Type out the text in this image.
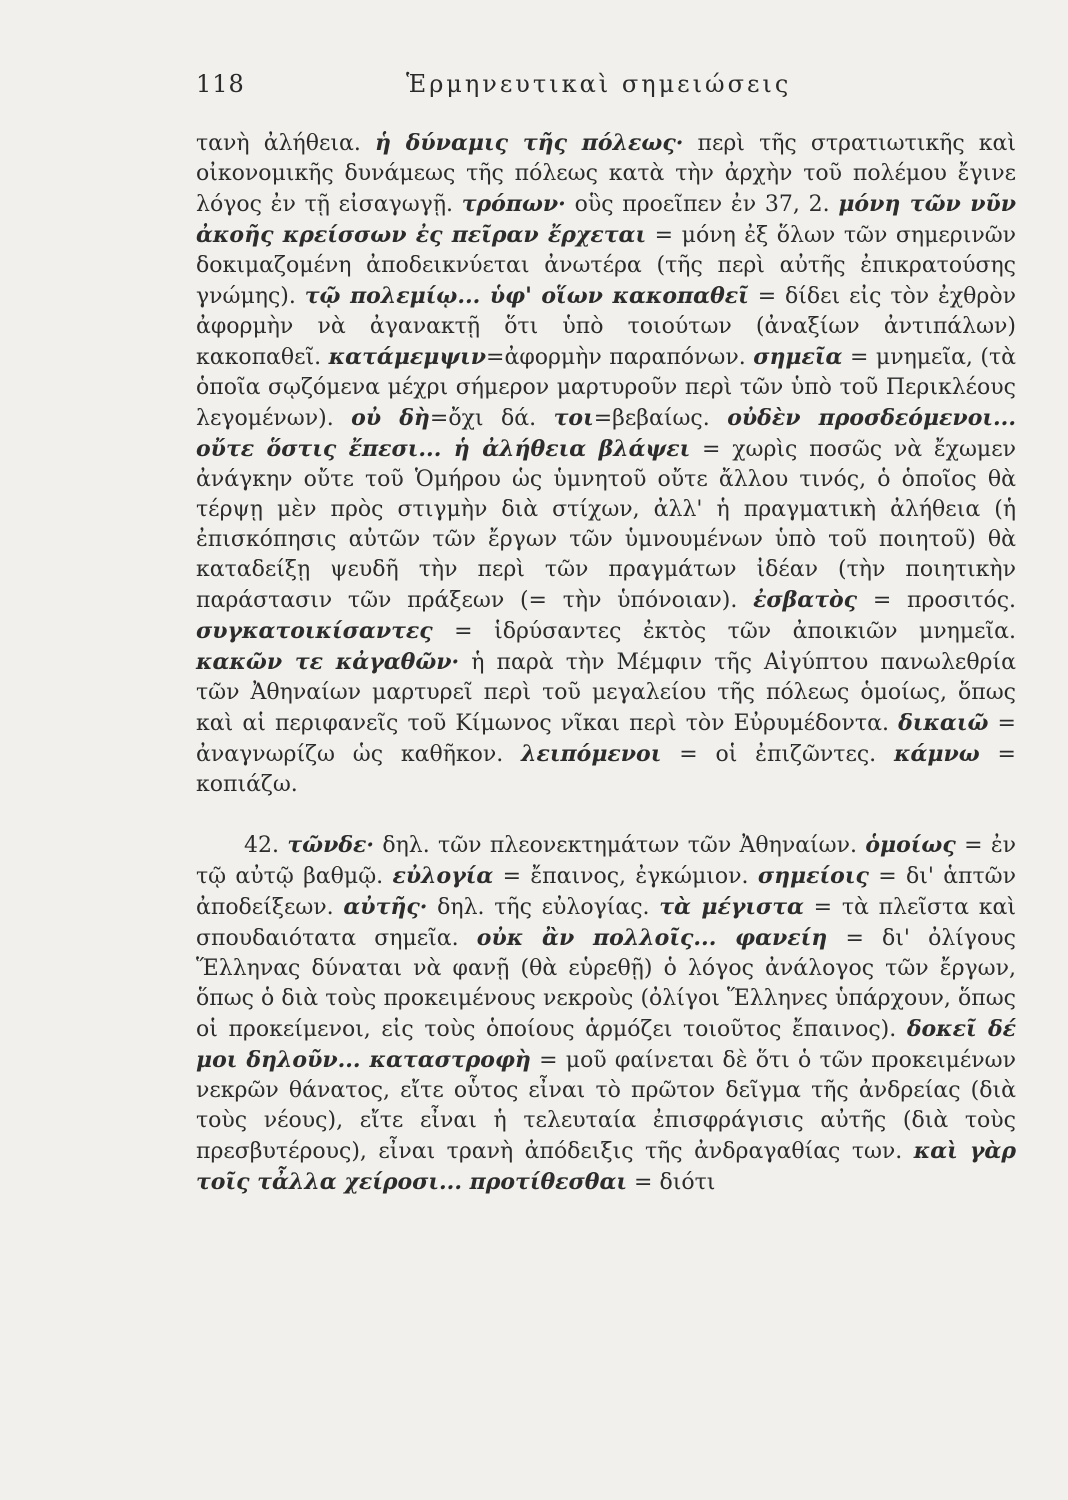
118	Ἑρμηνευτικαὶ σημειώσεις

τανὴ ἀλήθεια. ἡ δύναμις τῆς πόλεως· περὶ τῆς στρατιωτικῆς καὶ οἰκονομικῆς δυνάμεως τῆς πόλεως κατὰ τὴν ἀρχὴν τοῦ πολέμου ἔγινε λόγος ἐν τῇ εἰσαγωγῇ. τρόπων· οὓς προεῖπεν ἐν 37, 2. μόνη τῶν νῦν ἀκοῆς κρείσσων ἐς πεῖραν ἔρχεται = μόνη ἐξ ὅλων τῶν σημερινῶν δοκιμαζομένη ἀποδεικνύεται ἀνωτέρα (τῆς περὶ αὐτῆς ἐπικρατούσης γνώμης). τῷ πολεμίῳ... ὑφ' οἵων κακοπαθεῖ = δίδει εἰς τὸν ἐχθρὸν ἀφορμὴν νὰ ἀγανακτῇ ὅτι ὑπὸ τοιούτων (ἀναξίων ἀντιπάλων) κακοπαθεῖ. κατάμεμψιν=ἀφορμὴν παραπόνων. σημεῖα = μνημεῖα, (τὰ ὁποῖα σῳζόμενα μέχρι σήμερον μαρτυροῦν περὶ τῶν ὑπὸ τοῦ Περικλέους λεγομένων). οὐ δὴ=ὄχι δά. τοι=βεβαίως. οὐδὲν προσδεόμενοι... οὔτε ὅστις ἔπεσι... ἡ ἀλήθεια βλάψει = χωρὶς ποσῶς νὰ ἔχωμεν ἀνάγκην οὔτε τοῦ Ὁμήρου ὡς ὑμνητοῦ οὔτε ἄλλου τινός, ὁ ὁποῖος θὰ τέρψῃ μὲν πρὸς στιγμὴν διὰ στίχων, ἀλλ' ἡ πραγματικὴ ἀλήθεια (ἡ ἐπισκόπησις αὐτῶν τῶν ἔργων τῶν ὑμνουμένων ὑπὸ τοῦ ποιητοῦ) θὰ καταδείξῃ ψευδῆ τὴν περὶ τῶν πραγμάτων ἰδέαν (τὴν ποιητικὴν παράστασιν τῶν πράξεων (= τὴν ὑπόνοιαν). ἐσβατὸς = προσιτός. συγκατοικίσαντες = ἱδρύσαντες ἐκτὸς τῶν ἀποικιῶν μνημεῖα. κακῶν τε κἀγαθῶν· ἡ παρὰ τὴν Μέμφιν τῆς Αἰγύπτου πανωλεθρία τῶν Ἀθηναίων μαρτυρεῖ περὶ τοῦ μεγαλείου τῆς πόλεως ὁμοίως, ὅπως καὶ αἱ περιφανεῖς τοῦ Κίμωνος νῖκαι περὶ τὸν Εὐρυμέδοντα. δικαιῶ = ἀναγνωρίζω ὡς καθῆκον. λειπόμενοι = οἱ ἐπιζῶντες. κάμνω = κοπιάζω.

42. τῶνδε· δηλ. τῶν πλεονεκτημάτων τῶν Ἀθηναίων. ὁμοίως = ἐν τῷ αὐτῷ βαθμῷ. εὐλογία = ἔπαινος, ἐγκώμιον. σημείοις = δι' ἁπτῶν ἀποδείξεων. αὐτῆς· δηλ. τῆς εὐλογίας. τὰ μέγιστα = τὰ πλεῖστα καὶ σπουδαιότατα σημεῖα. οὐκ ἂν πολλοῖς... φανείη = δι' ὀλίγους Ἕλληνας δύναται νὰ φανῇ (θὰ εὑρεθῇ) ὁ λόγος ἀνάλογος τῶν ἔργων, ὅπως ὁ διὰ τοὺς προκειμένους νεκροὺς (ὀλίγοι Ἕλληνες ὑπάρχουν, ὅπως οἱ προκείμενοι, εἰς τοὺς ὁποίους ἁρμόζει τοιοῦτος ἔπαινος). δοκεῖ δέ μοι δηλοῦν... καταστροφὴ = μοῦ φαίνεται δὲ ὅτι ὁ τῶν προκειμένων νεκρῶν θάνατος, εἴτε οὗτος εἶναι τὸ πρῶτον δεῖγμα τῆς ἀνδρείας (διὰ τοὺς νέους), εἴτε εἶναι ἡ τελευταία ἐπισφράγισις αὐτῆς (διὰ τοὺς πρεσβυτέρους), εἶναι τρανὴ ἀπόδειξις τῆς ἀνδραγαθίας των. καὶ γὰρ τοῖς τἆλλα χείροσι... προτίθεσθαι = διότι
